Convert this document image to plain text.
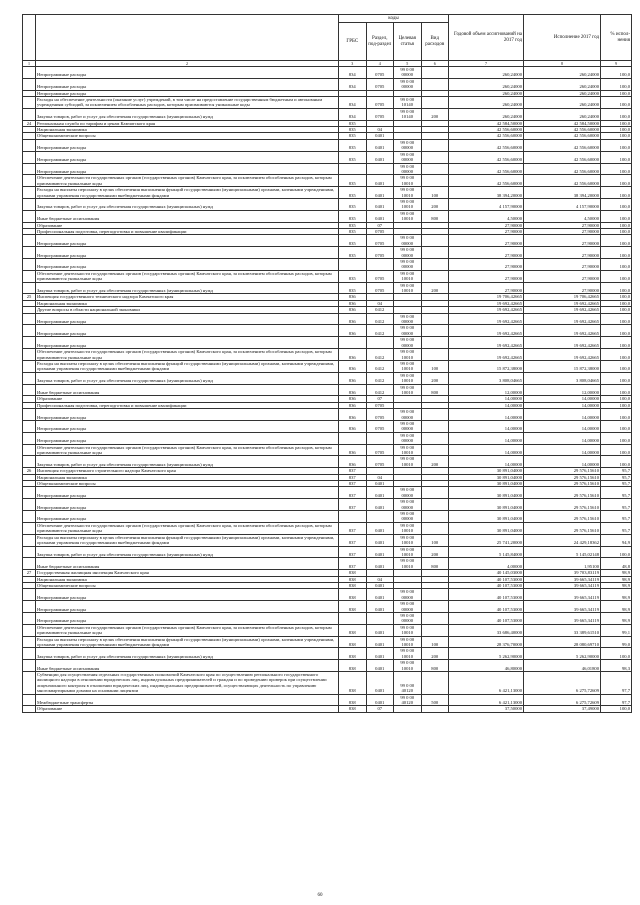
		коды				Годовой объем ассигнований на 2017 год	Исполнение 2017 год	% испол-нения
		ГРБС	Раздел, под-раздел	Целевая статья	Вид расходов			
1	2	3	4	5	6	7	8	9
	Непрограммные расходы	834	0705	99 0 00 00000		260,24000	260,24000	100,0
	Непрограммные расходы	834	0705	99 0 00 00000		260,24000	260,24000	100,0
	Непрограммные расходы					260,24000	260,24000	100,0
	Расходы на обеспечение деятельности (оказание услуг) учреждений, в том числе на предоставление государственным бюджетным и автономным учреждениям субсидий, за исключением обособленных расходов, которым присваиваются уникальные коды	834	0705	99 0 00 10140		260,24000	260,24000	100,0
	Закупка товаров, работ и услуг для обеспечения государственных (муниципальных) нужд	834	0705	99 0 00 10140	200	260,24000	260,24000	100,0
24	Региональная служба по тарифам и ценам Камчатского края	835				42 584,50000	42 584,50000	100,0
	Национальная экономика	835	04			42 556,60000	42 556,60000	100,0
	Общеэкономические вопросы	835	0401			42 556,60000	42 556,60000	100,0
	Непрограммные расходы	835	0401	99 0 00 00000		42 556,60000	42 556,60000	100,0
	Непрограммные расходы	835	0401	99 0 00 00000		42 556,60000	42 556,60000	100,0
	Непрограммные расходы			99 0 00 00000		42 556,60000	42 556,60000	100,0
	Обеспечение деятельности государственных органов (государственных органов) Камчатского края, за исключением обособленных расходов, которым присваиваются уникальные коды	835	0401	99 0 00 10010		42 556,60000	42 556,60000	100,0
	Расходы на выплаты персоналу в целях обеспечения выполнения функций государственными (муниципальными) органами, казенными учреждениями, органами управления государственными внебюджетными фондами	835	0401	99 0 00 10010	100	38 394,20000	38 394,20000	100,0
	Закупка товаров, работ и услуг для обеспечения государственных (муниципальных) нужд	835	0401	99 0 00 10010	200	4 157,90000	4 157,90000	100,0
	Иные бюджетные ассигнования	835	0401	99 0 00 10010	800	4,50000	4,50000	100,0
	Образование	835	07			27,90000	27,90000	100,0
	Профессиональная подготовка, переподготовка и повышение квалификации	835	0705			27,90000	27,90000	100,0
	Непрограммные расходы	835	0705	99 0 00 00000		27,90000	27,90000	100,0
	Непрограммные расходы	835	0705	99 0 00 00000		27,90000	27,90000	100,0
	Непрограммные расходы			99 0 00 00000		27,90000	27,90000	100,0
	Обеспечение деятельности государственных органов (государственных органов) Камчатского края, за исключением обособленных расходов, которым присваиваются уникальные коды	835	0705	99 0 00 10010		27,90000	27,90000	100,0
	Закупка товаров, работ и услуг для обеспечения государственных (муниципальных) нужд	835	0705	99 0 00 10010	200	27,90000	27,90000	100,0
25	Инспекция государственного технического надзора Камчатского края	836				19 706,42665	19 706,42665	100,0
	Национальная экономика	836	04			19 692,42665	19 692,42665	100,0
	Другие вопросы в области национальной экономики	836	0412			19 692,42665	19 692,42665	100,0
	Непрограммные расходы	836	0412	99 0 00 00000		19 692,42665	19 692,42665	100,0
	Непрограммные расходы	836	0412	99 0 00 00000		19 692,42665	19 692,42665	100,0
	Непрограммные расходы			99 0 00 00000		19 692,42665	19 692,42665	100,0
	Обеспечение деятельности государственных органов (государственных органов) Камчатского края, за исключением обособленных расходов, которым присваиваются уникальные коды	836	0412	99 0 00 10010		19 692,42665	19 692,42665	100,0
	Расходы на выплаты персоналу в целях обеспечения выполнения функций государственными (муниципальными) органами, казенными учреждениями, органами управления государственными внебюджетными фондами	836	0412	99 0 00 10010	100	15 872,38000	15 872,38000	100,0
	Закупка товаров, работ и услуг для обеспечения государственных (муниципальных) нужд	836	0412	99 0 00 10010	200	3 808,04665	3 808,04665	100,0
	Иные бюджетные ассигнования	836	0412	99 0 00 10010	800	12,00000	12,00000	100,0
	Образование	836	07			14,00000	14,00000	100,0
	Профессиональная подготовка, переподготовка и повышение квалификации	836	0705			14,00000	14,00000	100,0
	Непрограммные расходы	836	0705	99 0 00 00000		14,00000	14,00000	100,0
	Непрограммные расходы	836	0705	99 0 00 00000		14,00000	14,00000	100,0
	Непрограммные расходы			99 0 00 00000		14,00000	14,00000	100,0
	Обеспечение деятельности государственных органов (государственных органов) Камчатского края, за исключением обособленных расходов, которым присваиваются уникальные коды	836	0705	99 0 00 10010		14,00000	14,00000	100,0
	Закупка товаров, работ и услуг для обеспечения государственных (муниципальных) нужд	836	0705	99 0 00 10010	200	14,00000	14,00000	100,0
26	Инспекция государственного строительного надзора Камчатского края	837				30 891,04000	29 576,15610	95,7
	Национальная экономика	837	04			30 891,04000	29 576,15610	95,7
	Общеэкономические вопросы	837	0401			30 891,04000	29 576,15610	95,7
	Непрограммные расходы	837	0401	99 0 00 00000		30 891,04000	29 576,15610	95,7
	Непрограммные расходы	837	0401	99 0 00 00000		30 891,04000	29 576,15610	95,7
	Непрограммные расходы			99 0 00 00000		30 891,04000	29 576,15610	95,7
	Обеспечение деятельности государственных органов (государственных органов) Камчатского края, за исключением обособленных расходов, которым присваиваются уникальные коды	837	0401	99 0 00 10010		30 891,04000	29 576,15610	95,7
	Расходы на выплаты персоналу в целях обеспечения выполнения функций государственными (муниципальными) органами, казенными учреждениями, органами управления государственными внебюджетными фондами	837	0401	99 0 00 10010	100	25 741,20000	24 429,18362	94,9
	Закупка товаров, работ и услуг для обеспечения государственных (муниципальных) нужд	837	0401	99 0 00 10010	200	5 145,84000	5 145,02148	100,0
	Иные бюджетные ассигнования	837	0401	99 0 00 10010	800	4,00000	1,95100	48,8
27	Государственная жилищная инспекция Камчатского края	838				40 145,03000	39 703,83119	98,9
	Национальная экономика	838	04			40 107,53000	39 665,34119	98,9
	Общеэкономические вопросы	838	0401			40 107,53000	39 665,34119	98,9
	Непрограммные расходы	838	0401	99 0 00 00000		40 107,53000	39 665,34119	98,9
	Непрограммные расходы	838	0401	99 0 00 00000		40 107,53000	39 665,34119	98,9
	Непрограммные расходы			99 0 00 00000		40 107,53000	39 665,34119	98,9
	Обеспечение деятельности государственных органов (государственных органов) Камчатского края, за исключением обособленных расходов, которым присваиваются уникальные коды	838	0401	99 0 00 10010		33 686,40000	33 389,61510	99,1
	Расходы на выплаты персоналу в целях обеспечения выполнения функций государственными (муниципальными) органами, казенными учреждениями, органами управления государственными внебюджетными фондами	838	0401	99 0 00 10010	100	28 376,70000	28 080,69710	99,0
	Закупка товаров, работ и услуг для обеспечения государственных (муниципальных) нужд	838	0401	99 0 00 10010	200	5 262,90000	5 262,90000	100,0
	Иные бюджетные ассигнования	838	0401	99 0 00 10010	800	46,80000	46,01800	98,3
	Субвенции для осуществления отдельных государственных полномочий Камчатского края по осуществлению регионального государственного жилищного надзора в отношении юридических лиц, индивидуальных предпринимателей и граждан и по проведению проверок при осуществлении лицензионного контроля в отношении юридических лиц, индивидуальных предпринимателей, осуществляющих деятельность по управлению многоквартирными домами на основании лицензии	838	0401	99 0 00 40120		6 421,13000	6 275,72609	97,7
	Межбюджетные трансферты	838	0401	99 0 00 40120	500	6 421,13000	6 275,72609	97,7
	Образование	838	07			37,50000	37,49000	100,0
60
